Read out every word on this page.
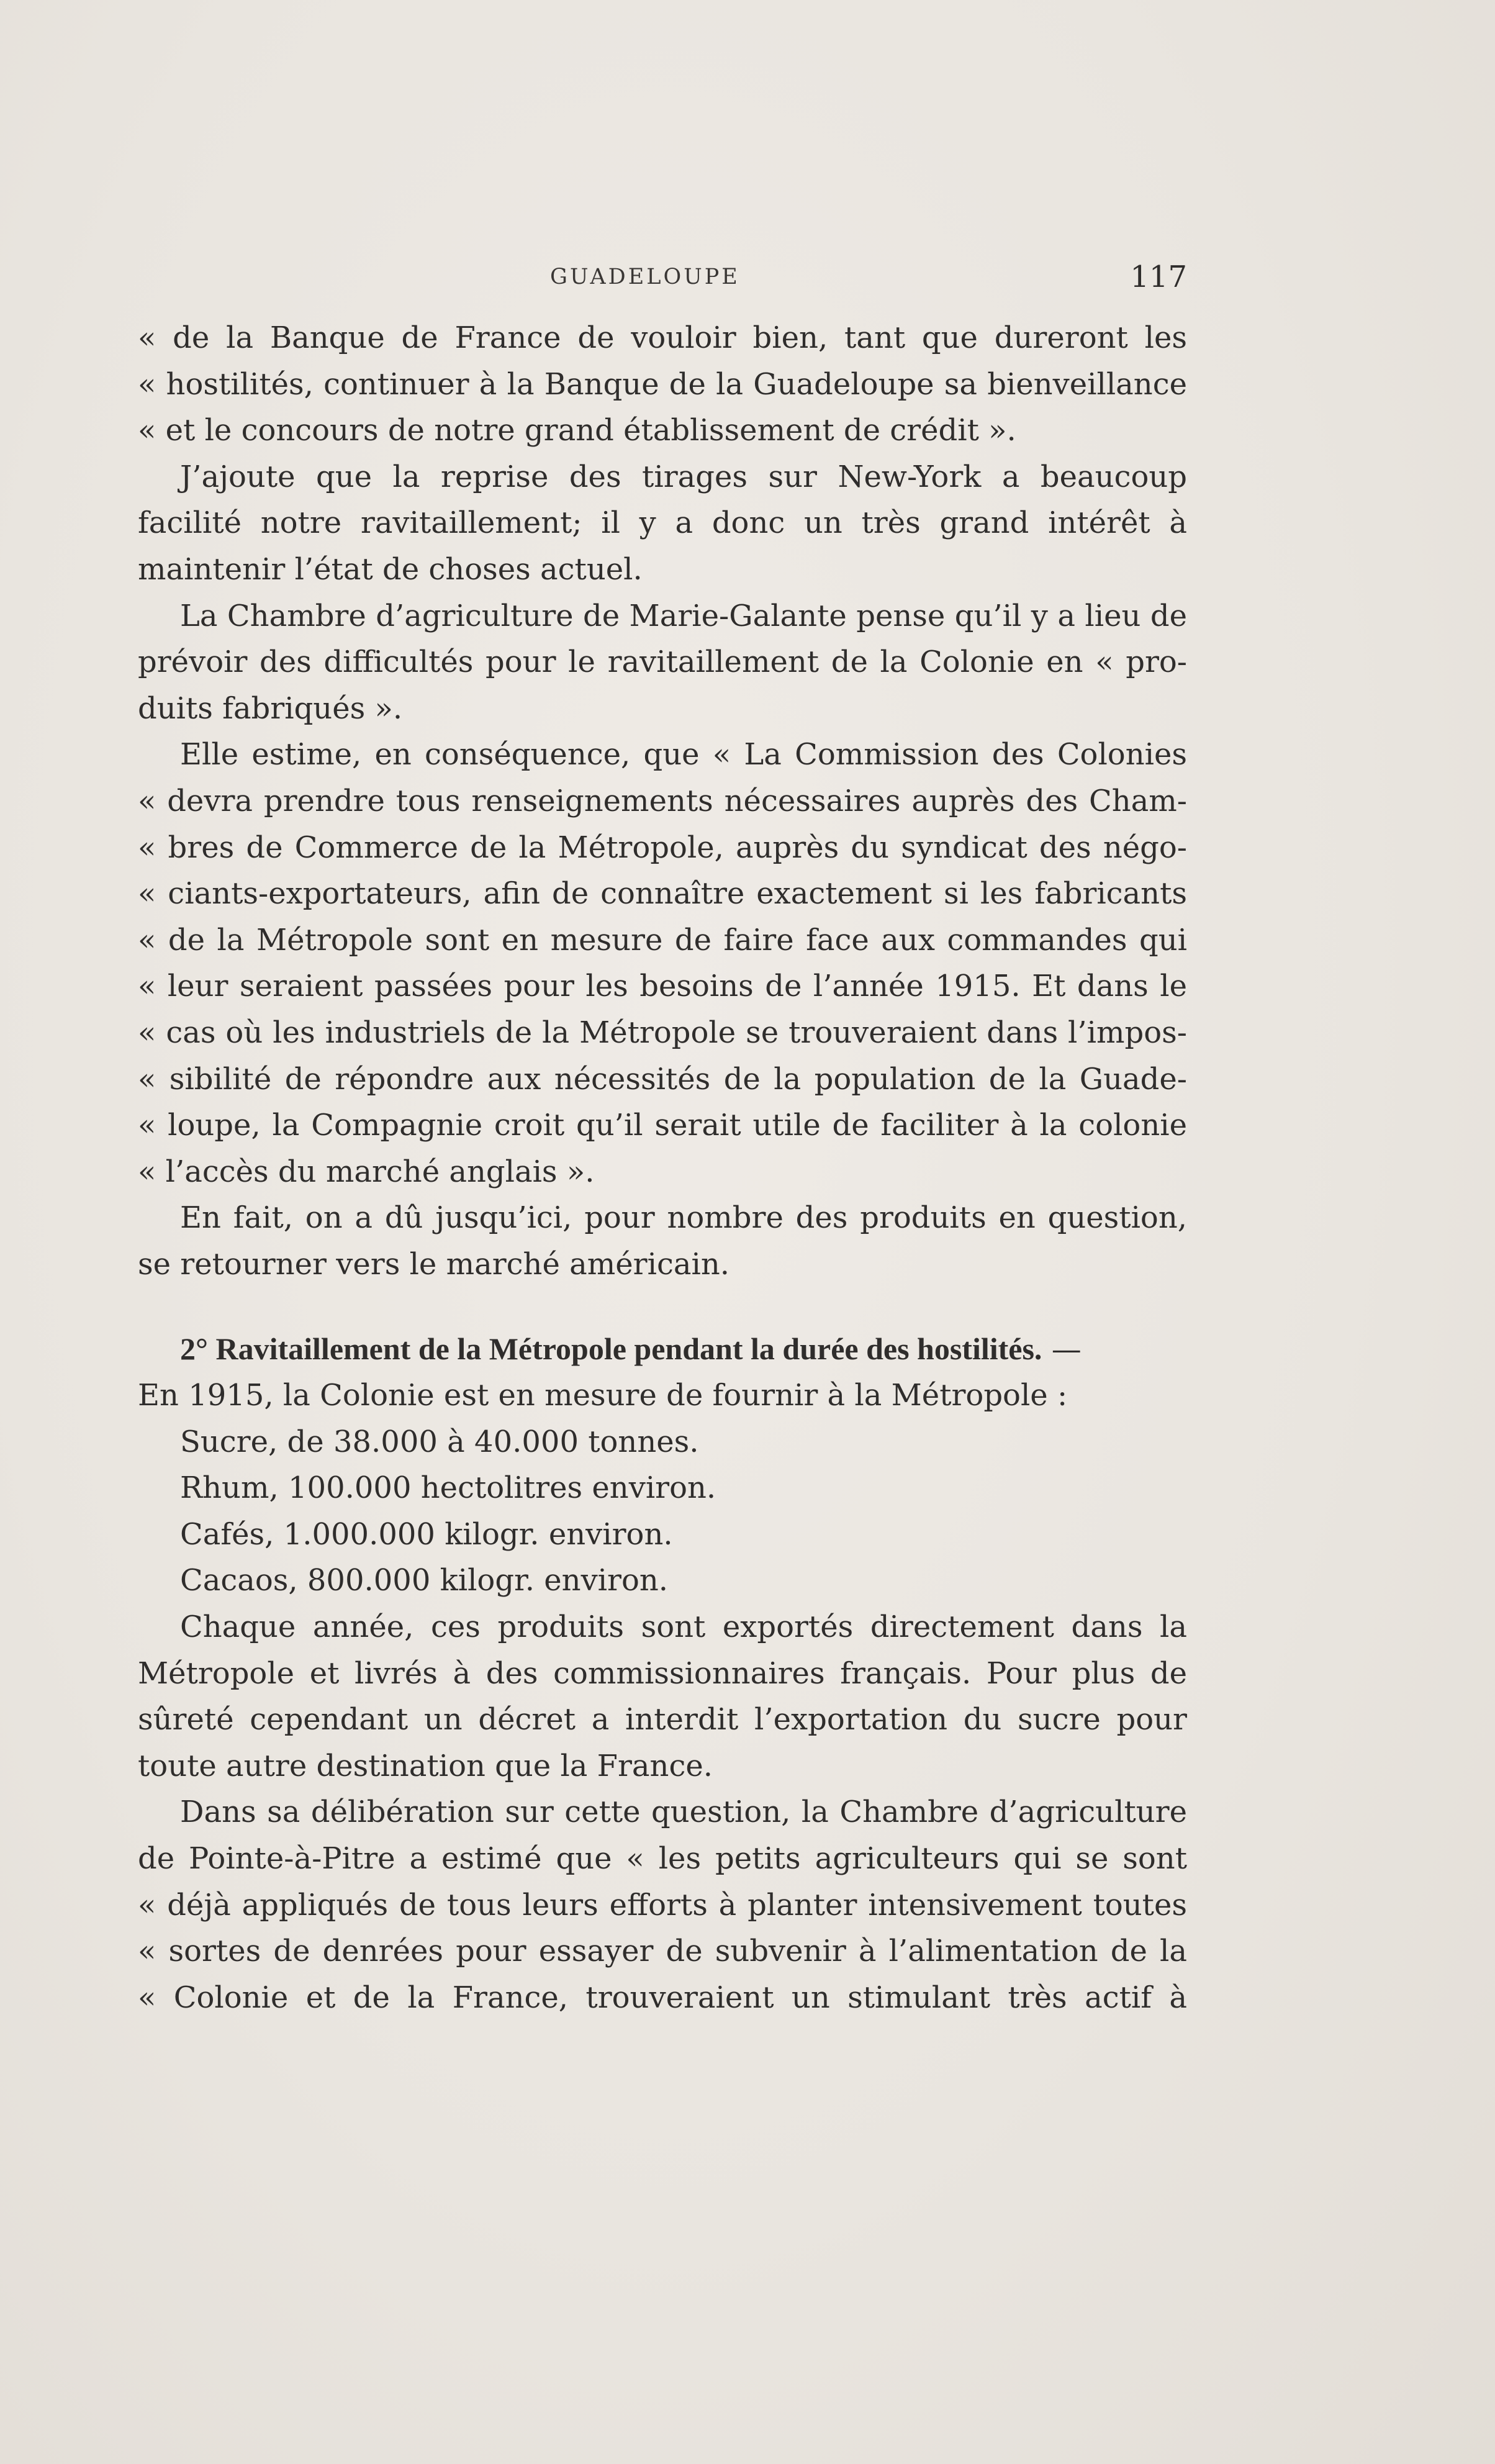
GUADELOUPE	117
« de la Banque de France de vouloir bien, tant que dureront les
« hostilités, continuer à la Banque de la Guadeloupe sa bienveillance
« et le concours de notre grand établissement de crédit ».
J’ajoute que la reprise des tirages sur New-York a beaucoup
facilité notre ravitaillement; il y a donc un très grand intérêt à
maintenir l’état de choses actuel.
La Chambre d’agriculture de Marie-Galante pense qu’il y a lieu de
prévoir des difficultés pour le ravitaillement de la Colonie en « pro-
duits fabriqués ».
Elle estime, en conséquence, que « La Commission des Colonies
« devra prendre tous renseignements nécessaires auprès des Cham-
« bres de Commerce de la Métropole, auprès du syndicat des négo-
« ciants-exportateurs, afin de connaître exactement si les fabricants
« de la Métropole sont en mesure de faire face aux commandes qui
« leur seraient passées pour les besoins de l’année 1915. Et dans le
« cas où les industriels de la Métropole se trouveraient dans l’impos-
« sibilité de répondre aux nécessités de la population de la Guade-
« loupe, la Compagnie croit qu’il serait utile de faciliter à la colonie
« l’accès du marché anglais ».
En fait, on a dû jusqu’ici, pour nombre des produits en question,
se retourner vers le marché américain.
2° Ravitaillement de la Métropole pendant la durée des hostilités. —
En 1915, la Colonie est en mesure de fournir à la Métropole :
Sucre, de 38.000 à 40.000 tonnes.
Rhum, 100.000 hectolitres environ.
Cafés, 1.000.000 kilogr. environ.
Cacaos, 800.000 kilogr. environ.
Chaque année, ces produits sont exportés directement dans la
Métropole et livrés à des commissionnaires français. Pour plus de
sûreté cependant un décret a interdit l’exportation du sucre pour
toute autre destination que la France.
Dans sa délibération sur cette question, la Chambre d’agriculture
de Pointe-à-Pitre a estimé que « les petits agriculteurs qui se sont
« déjà appliqués de tous leurs efforts à planter intensivement toutes
« sortes de denrées pour essayer de subvenir à l’alimentation de la
« Colonie et de la France, trouveraient un stimulant très actif à
